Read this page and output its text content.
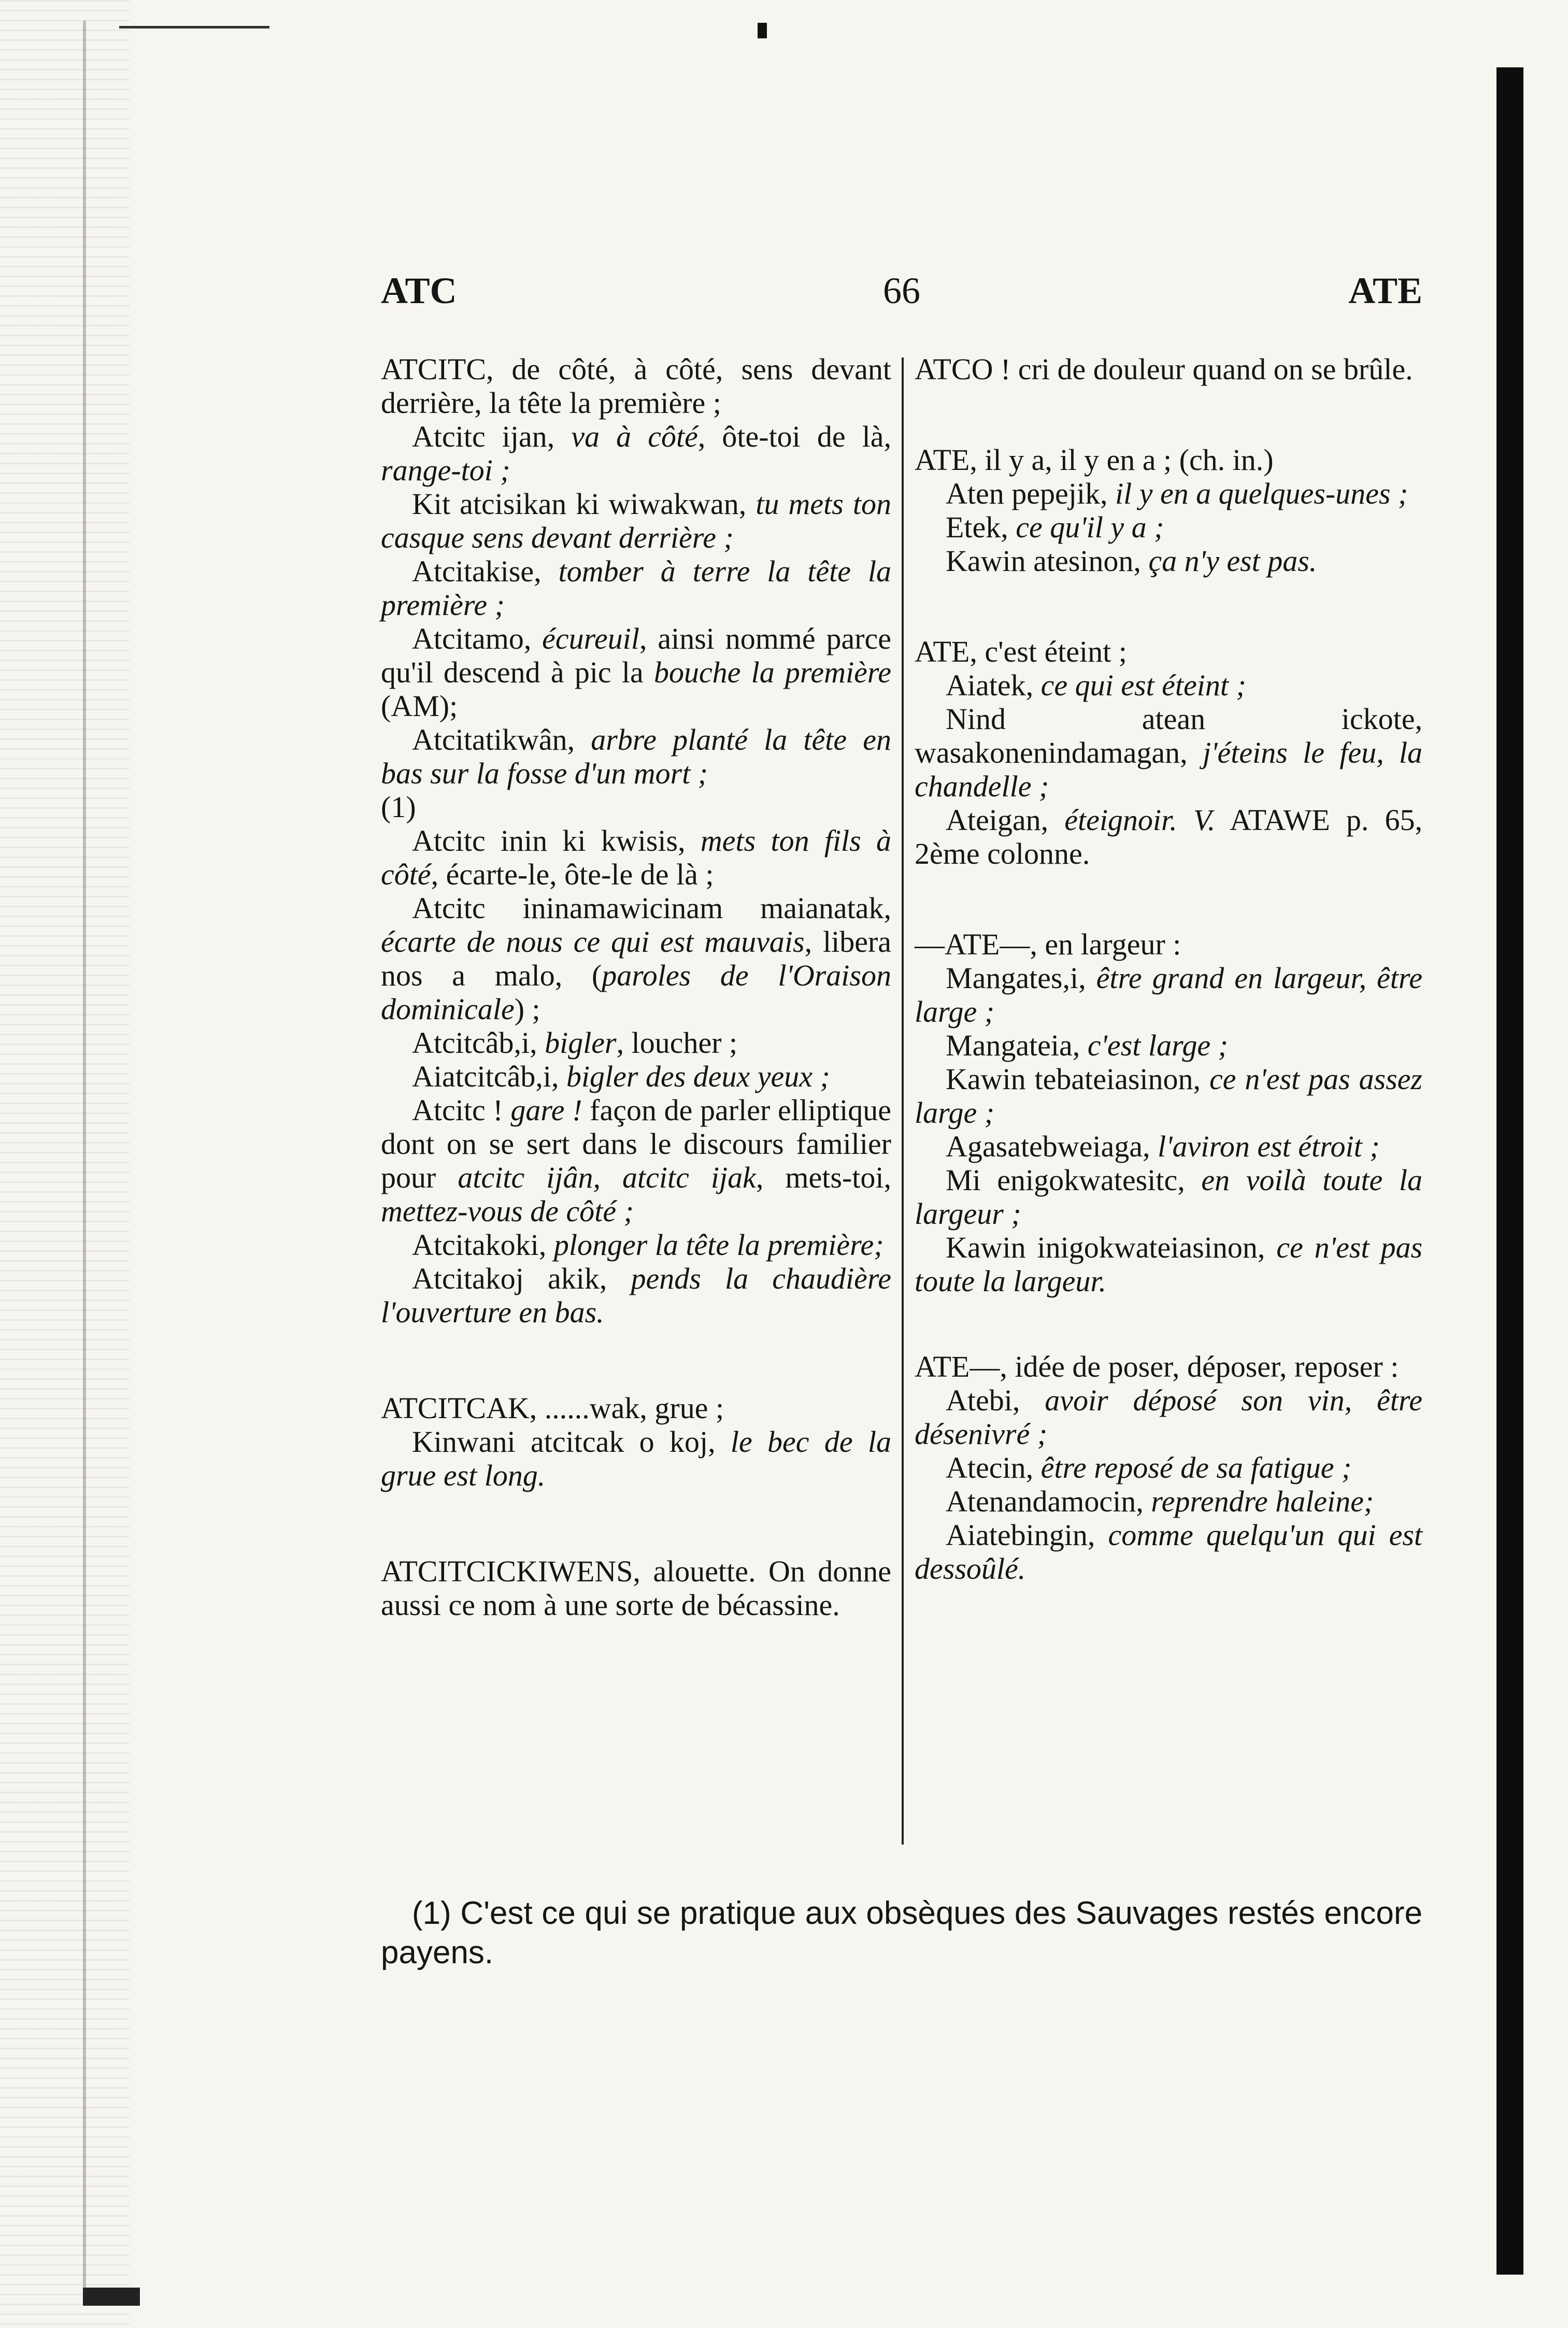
ATC	66	ATE

ATCITC, de côté, à côté, sens devant derrière, la tête la première ;

Atcitc ijan, va à côté, ôte-toi de là, range-toi ;

Kit atcisikan ki wiwakwan, tu mets ton casque sens devant derrière ;

Atcitakise, tomber à terre la tête la première ;

Atcitamo, écureuil, ainsi nommé parce qu'il descend à pic la bouche la première (AM);

Atcitatikwân, arbre planté la tête en bas sur la fosse d'un mort ;

(1)

Atcitc inin ki kwisis, mets ton fils à côté, écarte-le, ôte-le de là ;

Atcitc ininamawicinam maianatak, écarte de nous ce qui est mauvais, libera nos a malo, (paroles de l'Oraison dominicale) ;

Atcitcâb,i, bigler, loucher ;

Aiatcitcâb,i, bigler des deux yeux ;

Atcitc ! gare ! façon de parler elliptique dont on se sert dans le discours familier pour atcitc ijân, atcitc ijak, mets-toi, mettez-vous de côté ;

Atcitakoki, plonger la tête la première;

Atcitakoj akik, pends la chaudière l'ouverture en bas.

ATCITCAK, ......wak, grue ;

Kinwani atcitcak o koj, le bec de la grue est long.

ATCITCICKIWENS, alouette. On donne aussi ce nom à une sorte de bécassine.

ATCO ! cri de douleur quand on se brûle.

ATE, il y a, il y en a ; (ch. in.)

Aten pepejik, il y en a quelques-unes ;

Etek, ce qu'il y a ;

Kawin atesinon, ça n'y est pas.

ATE, c'est éteint ;

Aiatek, ce qui est éteint ;

Nind atean ickote, wasakonenindamagan, j'éteins le feu, la chandelle ;

Ateigan, éteignoir. V. ATAWE p. 65, 2ème colonne.

—ATE—, en largeur :

Mangates,i, être grand en largeur, être large ;

Mangateia, c'est large ;

Kawin tebateiasinon, ce n'est pas assez large ;

Agasatebweiaga, l'aviron est étroit ;

Mi enigokwatesitc, en voilà toute la largeur ;

Kawin inigokwateiasinon, ce n'est pas toute la largeur.

ATE—, idée de poser, déposer, reposer :

Atebi, avoir déposé son vin, être désenivré ;

Atecin, être reposé de sa fatigue ;

Atenandamocin, reprendre haleine;

Aiatebingin, comme quelqu'un qui est dessoûlé.

(1) C'est ce qui se pratique aux obsèques des Sauvages restés encore payens.
